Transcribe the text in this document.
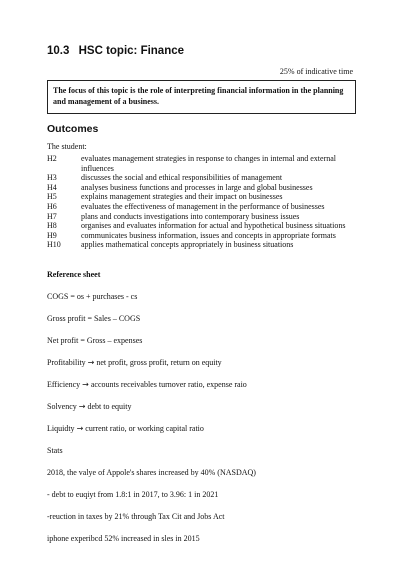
10.3 HSC topic: Finance
25% of indicative time
The focus of this topic is the role of interpreting financial information in the planning and management of a business.
Outcomes
The student:
H2	evaluates management strategies in response to changes in internal and external influences
H3	discusses the social and ethical responsibilities of management
H4	analyses business functions and processes in large and global businesses
H5	explains management strategies and their impact on businesses
H6	evaluates the effectiveness of management in the performance of businesses
H7	plans and conducts investigations into contemporary business issues
H8	organises and evaluates information for actual and hypothetical business situations
H9	communicates business information, issues and concepts in appropriate formats
H10	applies mathematical concepts appropriately in business situations
Reference sheet
COGS = os + purchases - cs
Gross profit = Sales – COGS
Net profit = Gross – expenses
Profitability → net profit, gross profit, return on equity
Efficiency → accounts receivables turnover ratio, expense raio
Solvency → debt to equity
Liquidty → current ratio, or working capital ratio
Stats
2018, the valye of Appole's shares increased by 40% (NASDAQ)
- debt to euqiyt from 1.8:1 in 2017, to 3.96: 1 in 2021
-reuction in taxes by 21% through Tax Cit and Jobs Act
iphone experibcd 52% increased in sles in 2015
